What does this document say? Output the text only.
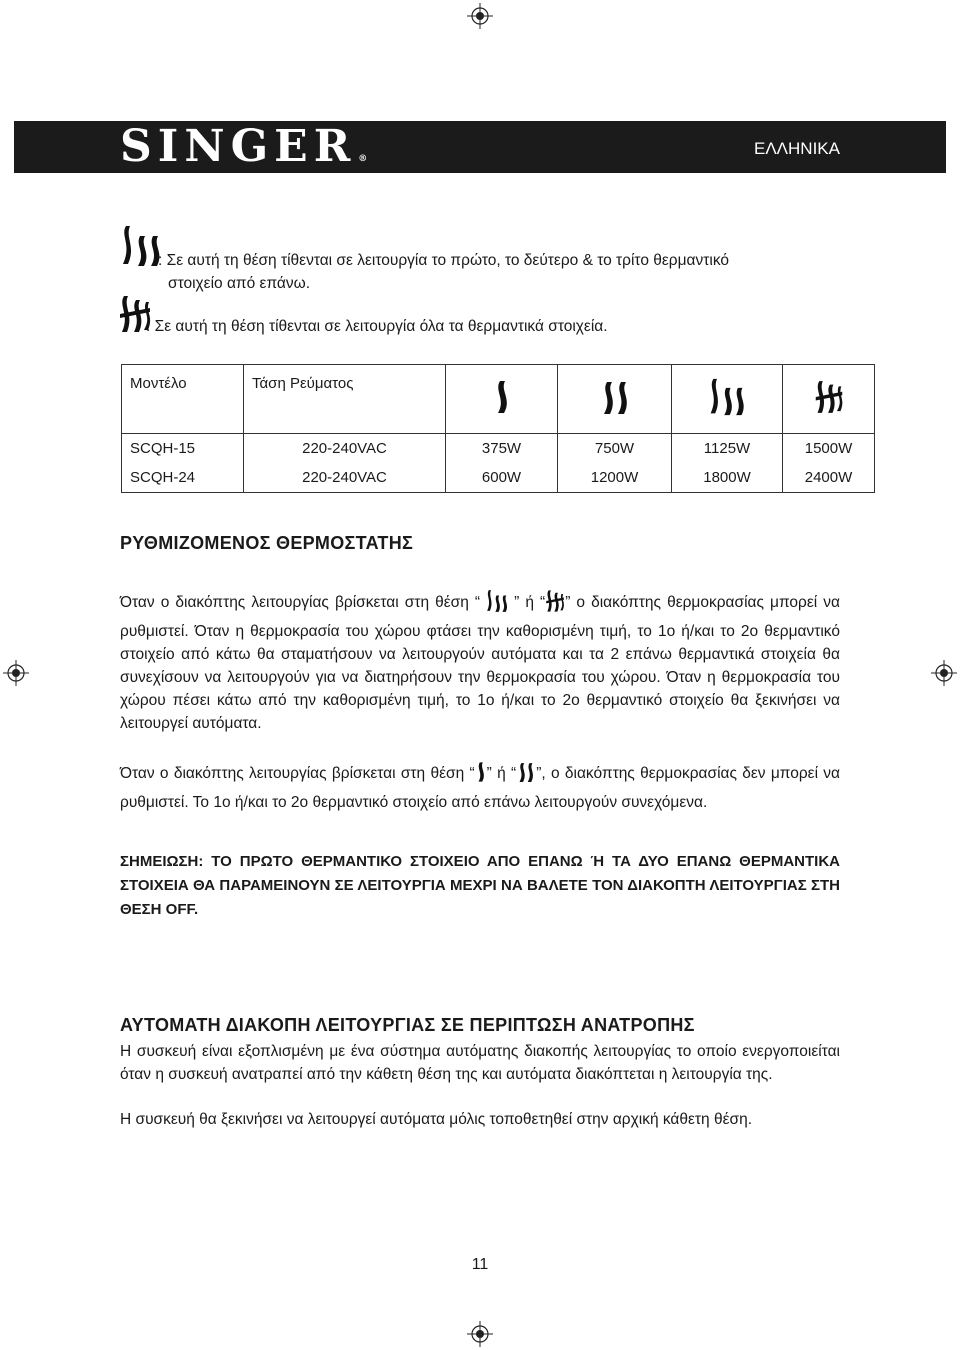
SINGER ®
ΕΛΛΗΝΙΚΑ
: Σε αυτή τη θέση τίθενται σε λειτουργία το πρώτο, το δεύτερο & το τρίτο θερμαντικό
στοιχείο από επάνω.
: Σε αυτή τη θέση τίθενται σε λειτουργία όλα τα θερμαντικά στοιχεία.
Μοντέλο	Τάση Ρεύματος				
SCQH-15	220-240VAC	375W	750W	1125W	1500W
SCQH-24	220-240VAC	600W	1200W	1800W	2400W
ΡΥΘΜΙΖΟΜΕΝΟΣ ΘΕΡΜΟΣΤΑΤΗΣ
Όταν ο διακόπτης λειτουργίας βρίσκεται στη θέση “ ” ή “ ” ο διακόπτης θερμοκρασίας μπορεί να ρυθμιστεί. Όταν η θερμοκρασία του χώρου φτάσει την καθορισμένη τιμή, το 1ο ή/και το 2ο θερμαντικό στοιχείο από κάτω θα σταματήσουν να λειτουργούν αυτόματα και τα 2 επάνω θερμαντικά στοιχεία θα συνεχίσουν να λειτουργούν για να διατηρήσουν την θερμοκρασία του χώρου. Όταν η θερμοκρασία του χώρου πέσει κάτω από την καθορισμένη τιμή, το 1ο ή/και το 2ο θερμαντικό στοιχείο θα ξεκινήσει να λειτουργεί αυτόματα.
Όταν ο διακόπτης λειτουργίας βρίσκεται στη θέση “ ” ή “ ”, ο διακόπτης θερμοκρασίας δεν μπορεί να ρυθμιστεί. Το 1ο ή/και το 2ο θερμαντικό στοιχείο από επάνω λειτουργούν συνεχόμενα.
ΣΗΜΕΙΩΣΗ: ΤΟ ΠΡΩΤΟ ΘΕΡΜΑΝΤΙΚΟ ΣΤΟΙΧΕΙΟ ΑΠΟ ΕΠΑΝΩ Ή ΤΑ ΔΥΟ ΕΠΑΝΩ ΘΕΡΜΑΝΤΙΚΑ ΣΤΟΙΧΕΙΑ ΘΑ ΠΑΡΑΜΕΙΝΟΥΝ ΣΕ ΛΕΙΤΟΥΡΓΙΑ ΜΕΧΡΙ ΝΑ ΒΑΛΕΤΕ ΤΟΝ ΔΙΑΚΟΠΤΗ ΛΕΙΤΟΥΡΓΙΑΣ ΣΤΗ ΘΕΣΗ OFF.
ΑΥΤΟΜΑΤΗ ΔΙΑΚΟΠΗ ΛΕΙΤΟΥΡΓΙΑΣ ΣΕ ΠΕΡΙΠΤΩΣΗ ΑΝΑΤΡΟΠΗΣ
Η συσκευή είναι εξοπλισμένη με ένα σύστημα αυτόματης διακοπής λειτουργίας το οποίο ενεργοποιείται όταν η συσκευή ανατραπεί από την κάθετη θέση της και αυτόματα διακόπτεται η λειτουργία της.
Η συσκευή θα ξεκινήσει να λειτουργεί αυτόματα μόλις τοποθετηθεί στην αρχική κάθετη θέση.
11
